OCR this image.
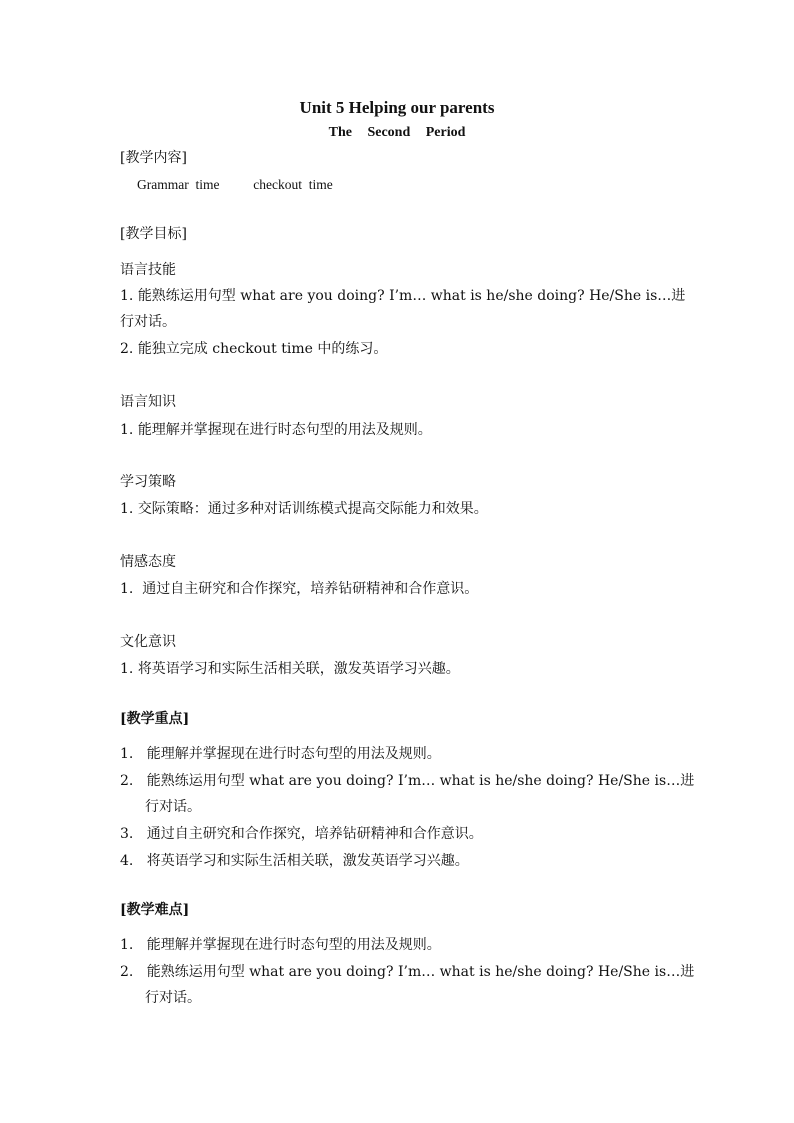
Unit 5 Helping our parents
The Second Period
[教学内容]
Grammar  time          checkout  time
[教学目标]
语言技能
1. 能熟练运用句型 what are you doing? I’m… what is he/she doing? He/She is…进
行对话。
2. 能独立完成 checkout time 中的练习。
语言知识
1. 能理解并掌握现在进行时态句型的用法及规则。
学习策略
1. 交际策略：通过多种对话训练模式提高交际能力和效果。
情感态度
1. 通过自主研究和合作探究，培养钻研精神和合作意识。
文化意识
1. 将英语学习和实际生活相关联，激发英语学习兴趣。
[教学重点]
1. 能理解并掌握现在进行时态句型的用法及规则。
2. 能熟练运用句型 what are you doing? I’m… what is he/she doing? He/She is…进
行对话。
3. 通过自主研究和合作探究，培养钻研精神和合作意识。
4. 将英语学习和实际生活相关联，激发英语学习兴趣。
[教学难点]
1. 能理解并掌握现在进行时态句型的用法及规则。
2. 能熟练运用句型 what are you doing? I’m… what is he/she doing? He/She is…进
行对话。
